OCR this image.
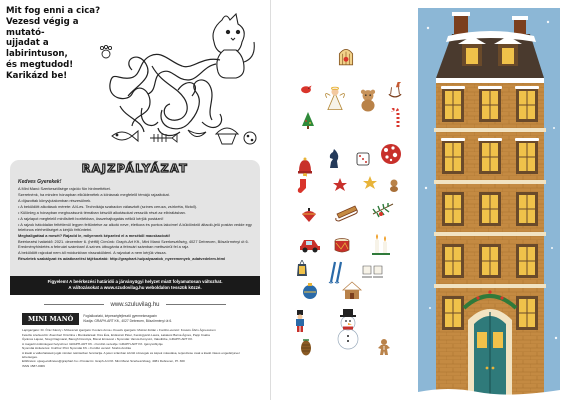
Mit fog enni a cica?
Vezesd végig a mutató-
ujjadat a labirintuson,
és megtudod!
Karikázd be!
RAJZPÁLYÁZAT
Kedves Gyerekek!

A Mini Manó Szerkesztősége rajzólo fün hirdmettéket.

Szeretnénk, ha minden hónapban elküldenétek a kiírásnak megfelelő témájú rajzaitokat.

A díjazottak könyvjutalomban részesülnek.

• A beküldött alkotások mérete: A/4-es. Technikája szabadon választott (színes ceruza, zsírkréta, filctoll).

• Különleg a hónapban meghozásunk témában készült alkotásokat vesszük részt az elbírálásban.

• A rajzlapot megfelelő minősített borítékban, összehajtogatás nélkül kérjük postázni!

• A rajzok hátoldalán feltétlenül legyen feltüntetve az alkotó neve, életkora és pontos lakcíme! A küldönkröl áltaoló-jelü postán vedde egy telefonos elérhetőséget a kérjük feltüntetni.

Meghallgattad a mesét? Rajzold le, milyennek képzeled el a meséből macskacicát!

Beérkezési határidő: 2021. december 6. (hétfő) Címünk: Graph-Art Kft., Mini Manó Szerkesztőség, 4027 Debrecen, Böszörményi út 6. Eredményhirdetés a februári számban! A színes útbugánta a februári számban mettszórül fel a rajz.

A beküldött rajzokat nem áll módunkban visszaküldeni. A rajzokat a nem kérjük vissza.

Részletek szabályzat és adatkezelési tájékoztató: http://graphart.hu/palyazatok_nyeremenyek_adatvedelem.html

Figyelem! A beérkezési határidő a járványügyi helyzet miatt folyamatosan változhat.
A változásokat a www.szudovilag.hu weboldalon tesszük közzé.
www.szuluvilag.hu
MINI MANÓ	Foglalkoztató, képességfejlesztő gyermekmagazin
Kiadja: GRAPH-ART Kft., 4027 Debrecen, Böszörményi út 6.

Lapigazgató: Dr. Ónic Károly • Művészeti igazgató: Kovács Anna • Kreatív igazgató: Molnár Zoltán • Fordító-vezető: Kovács Ábris Ágnesszem

Felelős szerkesztő: Zsemberi Krisztina • Munkatársak: Kiss Éva, Erdészeti Péter, Kerékgyártó Laura, Lakatosi Barna Ágnes, Papp Csaba

Újvános Lajosé, Szegi Dagmaral, Barogh Dorottya, Biscel Ernsével • Nyomdai: Varsói-Kényszó, Vakotbtbe, GRAPH-ART Kft.

A magazin különlegesi helyszínei: GRAPH-ART Kft. • Fordító vezetője: GRAPH-ART Kft. Igénysöblyöje

Nyomdai kivitelezés: Csiribor Print Nyomdai Kft. • Fordító vezető: Szabó András

A kiadó a változtatások jogát minden tekintetben fenntartja. A jelen számban közölt szövegek és képek másolása, terjesztése csak a kiadó írásos engedélyével lehetséges.

Előfizetés: ujsag-elofizetes@graphart.hu • Postacím: Graph-Art Kft. Mini Manó Szerkesztőség, 4081 Debrecen, Pf. 300

ISSN 1587-0009
